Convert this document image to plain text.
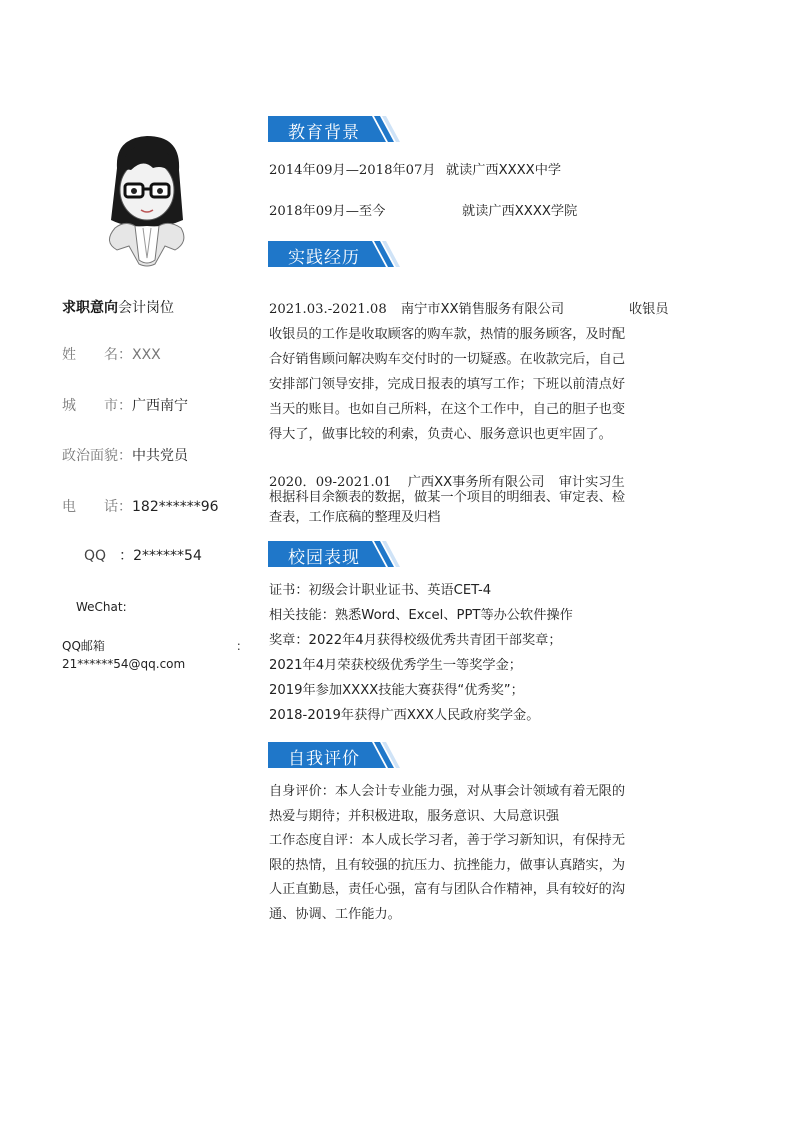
求职意向会计岗位
姓　　名：XXX
城　　市：广西南宁
政治面貌：中共党员
电　　话：182******96
QQ ：2******54
WeChat:
QQ邮箱	：
21******54@qq.com
教育背景
2014年09月—2018年07月 就读广西XXXX中学
2018年09月—至今	就读广西XXXX学院
实践经历
2021.03.-2021.08 南宁市XX销售服务有限公司	收银员
收银员的工作是收取顾客的购车款，热情的服务顾客，及时配
合好销售顾问解决购车交付时的一切疑惑。在收款完后，自己
安排部门领导安排，完成日报表的填写工作；下班以前清点好
当天的账目。也如自己所料，在这个工作中，自己的胆子也变
得大了，做事比较的利索，负责心、服务意识也更牢固了。
2020．09-2021.01 广西XX事务所有限公司 审计实习生
根据科目余额表的数据，做某一个项目的明细表、审定表、检
查表，工作底稿的整理及归档
校园表现
证书：初级会计职业证书、英语CET-4
相关技能：熟悉Word、Excel、PPT等办公软件操作
奖章：2022年4月获得校级优秀共青团干部奖章；
2021年4月荣获校级优秀学生一等奖学金；
2019年参加XXXX技能大赛获得“优秀奖”；
2018-2019年获得广西XXX人民政府奖学金。
自我评价
自身评价：本人会计专业能力强，对从事会计领域有着无限的
热爱与期待；并积极进取，服务意识、大局意识强
工作态度自评：本人成长学习者，善于学习新知识，有保持无
限的热情，且有较强的抗压力、抗挫能力，做事认真踏实，为
人正直勤恳，责任心强，富有与团队合作精神，具有较好的沟
通、协调、工作能力。
